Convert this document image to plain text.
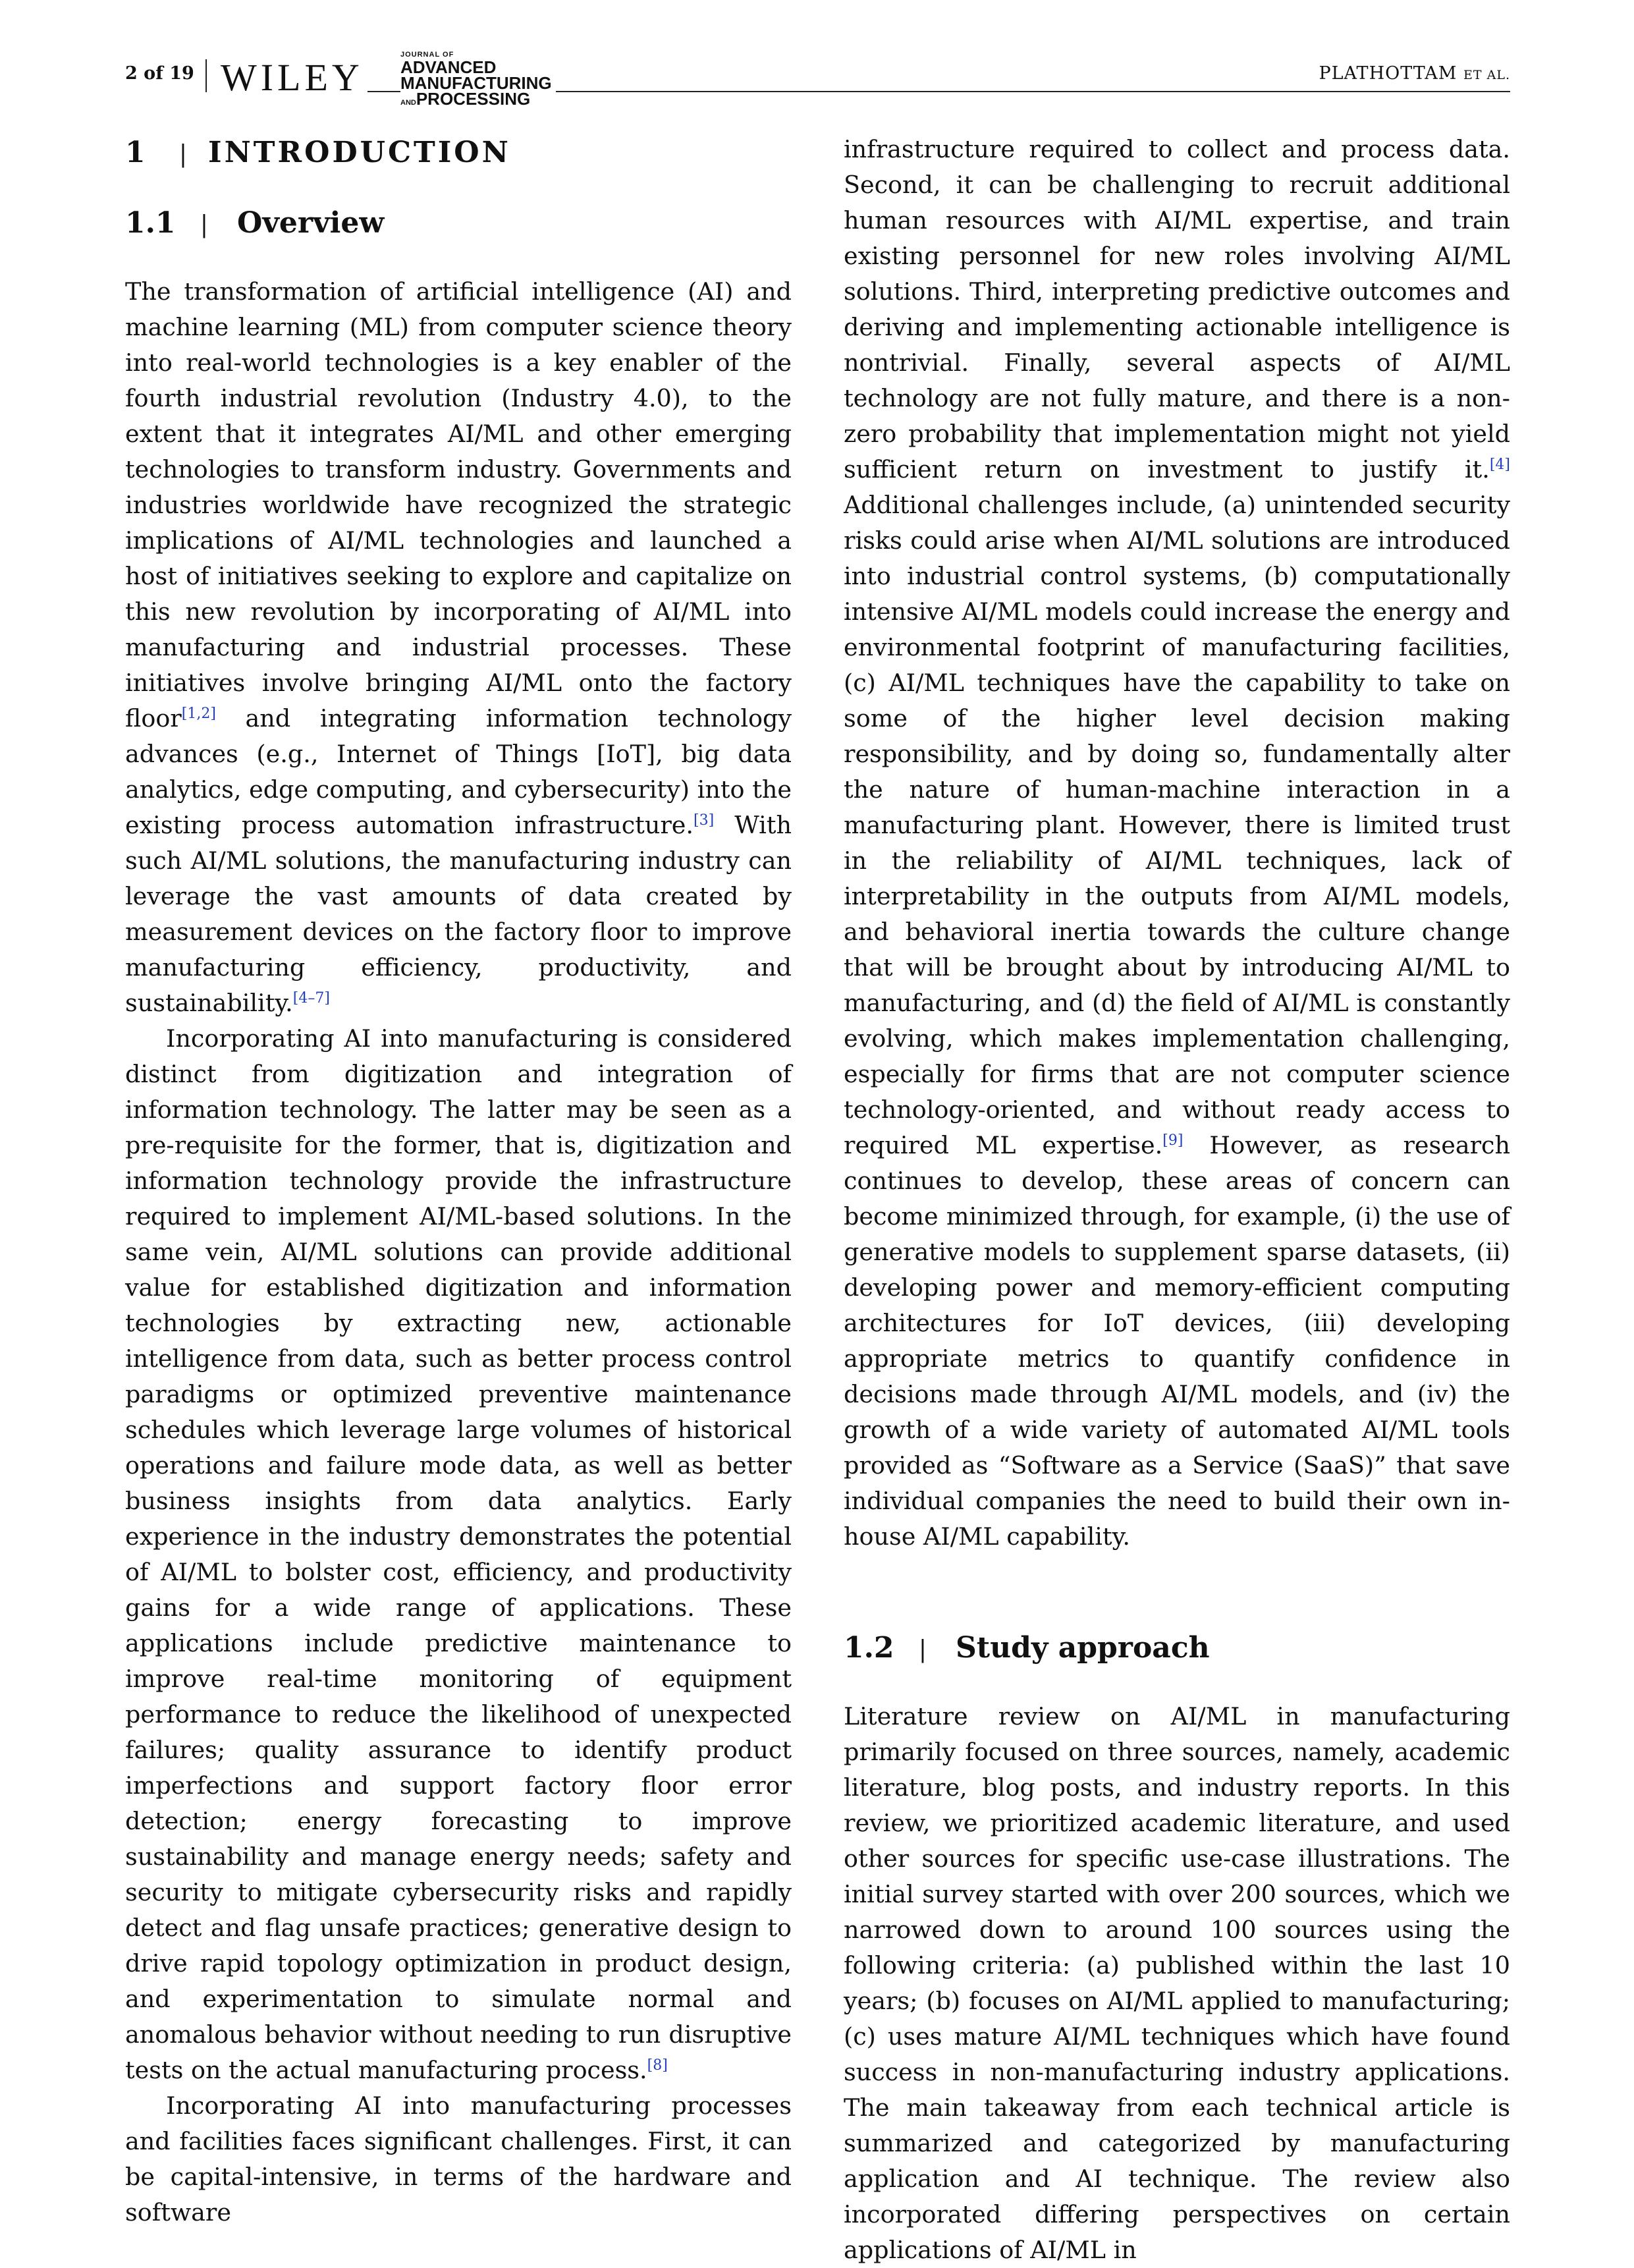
2 of 19 WILEY
JOURNAL OF
ADVANCED
MANUFACTURING
ANDPROCESSING
PLATHOTTAM ET AL.
1 | INTRODUCTION
1.1 | Overview

The transformation of artificial intelligence (AI) and machine learning (ML) from computer science theory into real-world technologies is a key enabler of the fourth industrial revolution (Industry 4.0), to the extent that it integrates AI/ML and other emerging technologies to transform industry. Governments and industries worldwide have recognized the strategic implications of AI/ML technologies and launched a host of initiatives seeking to explore and capitalize on this new revolution by incorporating of AI/ML into manufacturing and industrial processes. These initiatives involve bringing AI/ML onto the factory floor[1,2] and integrating information technology advances (e.g., Internet of Things [IoT], big data analytics, edge computing, and cybersecurity) into the existing process automation infrastructure.[3] With such AI/ML solutions, the manufacturing industry can leverage the vast amounts of data created by measurement devices on the factory floor to improve manufacturing efficiency, productivity, and sustainability.[4–7]

Incorporating AI into manufacturing is considered distinct from digitization and integration of information technology. The latter may be seen as a pre-requisite for the former, that is, digitization and information technology provide the infrastructure required to implement AI/ML-based solutions. In the same vein, AI/ML solutions can provide additional value for established digitization and information technologies by extracting new, actionable intelligence from data, such as better process control paradigms or optimized preventive maintenance schedules which leverage large volumes of historical operations and failure mode data, as well as better business insights from data analytics. Early experience in the industry demonstrates the potential of AI/ML to bolster cost, efficiency, and productivity gains for a wide range of applications. These applications include predictive maintenance to improve real-time monitoring of equipment performance to reduce the likelihood of unexpected failures; quality assurance to identify product imperfections and support factory floor error detection; energy forecasting to improve sustainability and manage energy needs; safety and security to mitigate cybersecurity risks and rapidly detect and flag unsafe practices; generative design to drive rapid topology optimization in product design, and experimentation to simulate normal and anomalous behavior without needing to run disruptive tests on the actual manufacturing process.[8]

Incorporating AI into manufacturing processes and facilities faces significant challenges. First, it can be capital-intensive, in terms of the hardware and software

infrastructure required to collect and process data. Second, it can be challenging to recruit additional human resources with AI/ML expertise, and train existing personnel for new roles involving AI/ML solutions. Third, interpreting predictive outcomes and deriving and implementing actionable intelligence is nontrivial. Finally, several aspects of AI/ML technology are not fully mature, and there is a non-zero probability that implementation might not yield sufficient return on investment to justify it.[4] Additional challenges include, (a) unintended security risks could arise when AI/ML solutions are introduced into industrial control systems, (b) computationally intensive AI/ML models could increase the energy and environmental footprint of manufacturing facilities, (c) AI/ML techniques have the capability to take on some of the higher level decision making responsibility, and by doing so, fundamentally alter the nature of human-machine interaction in a manufacturing plant. However, there is limited trust in the reliability of AI/ML techniques, lack of interpretability in the outputs from AI/ML models, and behavioral inertia towards the culture change that will be brought about by introducing AI/ML to manufacturing, and (d) the field of AI/ML is constantly evolving, which makes implementation challenging, especially for firms that are not computer science technology-oriented, and without ready access to required ML expertise.[9] However, as research continues to develop, these areas of concern can become minimized through, for example, (i) the use of generative models to supplement sparse datasets, (ii) developing power and memory-efficient computing architectures for IoT devices, (iii) developing appropriate metrics to quantify confidence in decisions made through AI/ML models, and (iv) the growth of a wide variety of automated AI/ML tools provided as “Software as a Service (SaaS)” that save individual companies the need to build their own in-house AI/ML capability.

1.2 | Study approach

Literature review on AI/ML in manufacturing primarily focused on three sources, namely, academic literature, blog posts, and industry reports. In this review, we prioritized academic literature, and used other sources for specific use-case illustrations. The initial survey started with over 200 sources, which we narrowed down to around 100 sources using the following criteria: (a) published within the last 10 years; (b) focuses on AI/ML applied to manufacturing; (c) uses mature AI/ML techniques which have found success in non-manufacturing industry applications. The main takeaway from each technical article is summarized and categorized by manufacturing application and AI technique. The review also incorporated differing perspectives on certain applications of AI/ML in
